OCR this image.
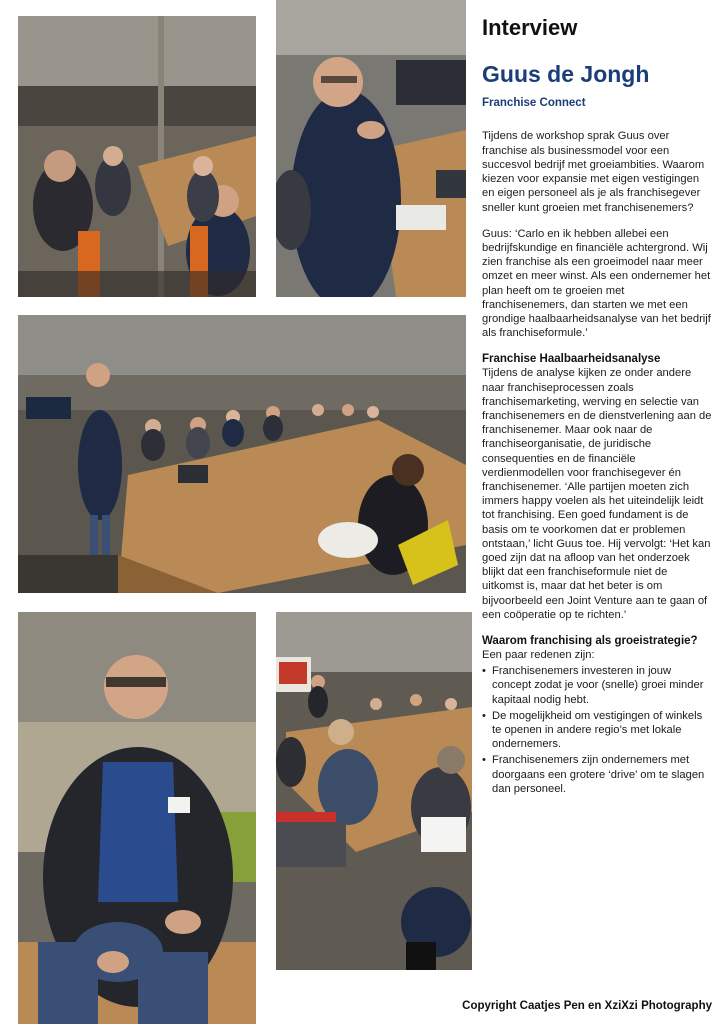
Interview
Guus de Jongh
Franchise Connect

Tijdens de workshop sprak Guus over franchise als businessmodel voor een succesvol bedrijf met groeiambities. Waarom kiezen voor expansie met eigen vestigingen en eigen personeel als je als franchisegever sneller kunt groeien met franchisenemers?

Guus: ‘Carlo en ik hebben allebei een bedrijfskundige en financiële achtergrond. Wij zien franchise als een groeimodel naar meer omzet en meer winst. Als een ondernemer het plan heeft om te groeien met franchisenemers, dan starten we met een grondige haalbaarheidsanalyse van het bedrijf als franchiseformule.’

Franchise Haalbaarheidsanalyse

Tijdens de analyse kijken ze onder andere naar franchiseprocessen zoals franchisemarketing, werving en selectie van franchisenemers en de dienstverlening aan de franchisenemer. Maar ook naar de franchiseorganisatie, de juridische consequenties en de financiële verdienmodellen voor franchisegever én franchisenemer. ‘Alle partijen moeten zich immers happy voelen als het uiteindelijk leidt tot franchising. Een goed fundament is de basis om te voorkomen dat er problemen ontstaan,’ licht Guus toe. Hij vervolgt: ‘Het kan goed zijn dat na afloop van het onderzoek blijkt dat een franchiseformule niet de uitkomst is, maar dat het beter is om bijvoorbeeld een Joint Venture aan te gaan of een coöperatie op te richten.’

Waarom franchising als groeistrategie?
Een paar redenen zijn:
• Franchisenemers investeren in jouw concept zodat je voor (snelle) groei minder kapitaal nodig hebt.
• De mogelijkheid om vestigingen of winkels te openen in andere regio’s met lokale ondernemers.
• Franchisenemers zijn ondernemers met doorgaans een grotere ‘drive’ om te slagen dan personeel.
Copyright Caatjes Pen en XziXzi Photography
